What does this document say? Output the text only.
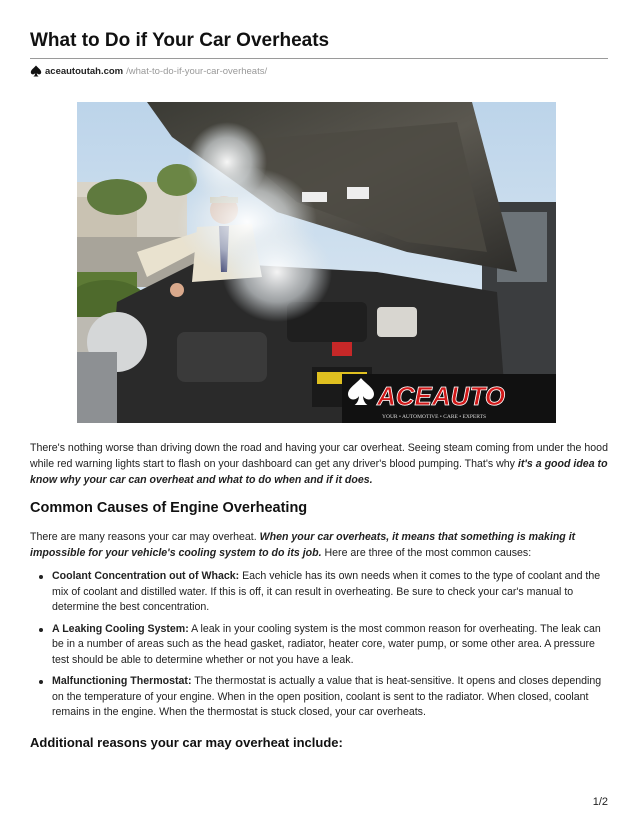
What to Do if Your Car Overheats
aceautoutah.com /what-to-do-if-your-car-overheats/
ACEAUTO
YOUR • AUTOMOTIVE • CARE • EXPERTS

There's nothing worse than driving down the road and having your car overheat. Seeing steam coming from under the hood while red warning lights start to flash on your dashboard can get any driver's blood pumping. That's why it's a good idea to know why your car can overheat and what to do when and if it does.

Common Causes of Engine Overheating

There are many reasons your car may overheat. When your car overheats, it means that something is making it impossible for your vehicle's cooling system to do its job. Here are three of the most common causes:

Coolant Concentration out of Whack: Each vehicle has its own needs when it comes to the type of coolant and the mix of coolant and distilled water. If this is off, it can result in overheating. Be sure to check your car's manual to determine the best concentration.
A Leaking Cooling System: A leak in your cooling system is the most common reason for overheating. The leak can be in a number of areas such as the head gasket, radiator, heater core, water pump, or some other area. A pressure test should be able to determine whether or not you have a leak.
Malfunctioning Thermostat: The thermostat is actually a value that is heat-sensitive. It opens and closes depending on the temperature of your engine. When in the open position, coolant is sent to the radiator. When closed, coolant remains in the engine. When the thermostat is stuck closed, your car overheats.
Additional reasons your car may overheat include:
1/2
